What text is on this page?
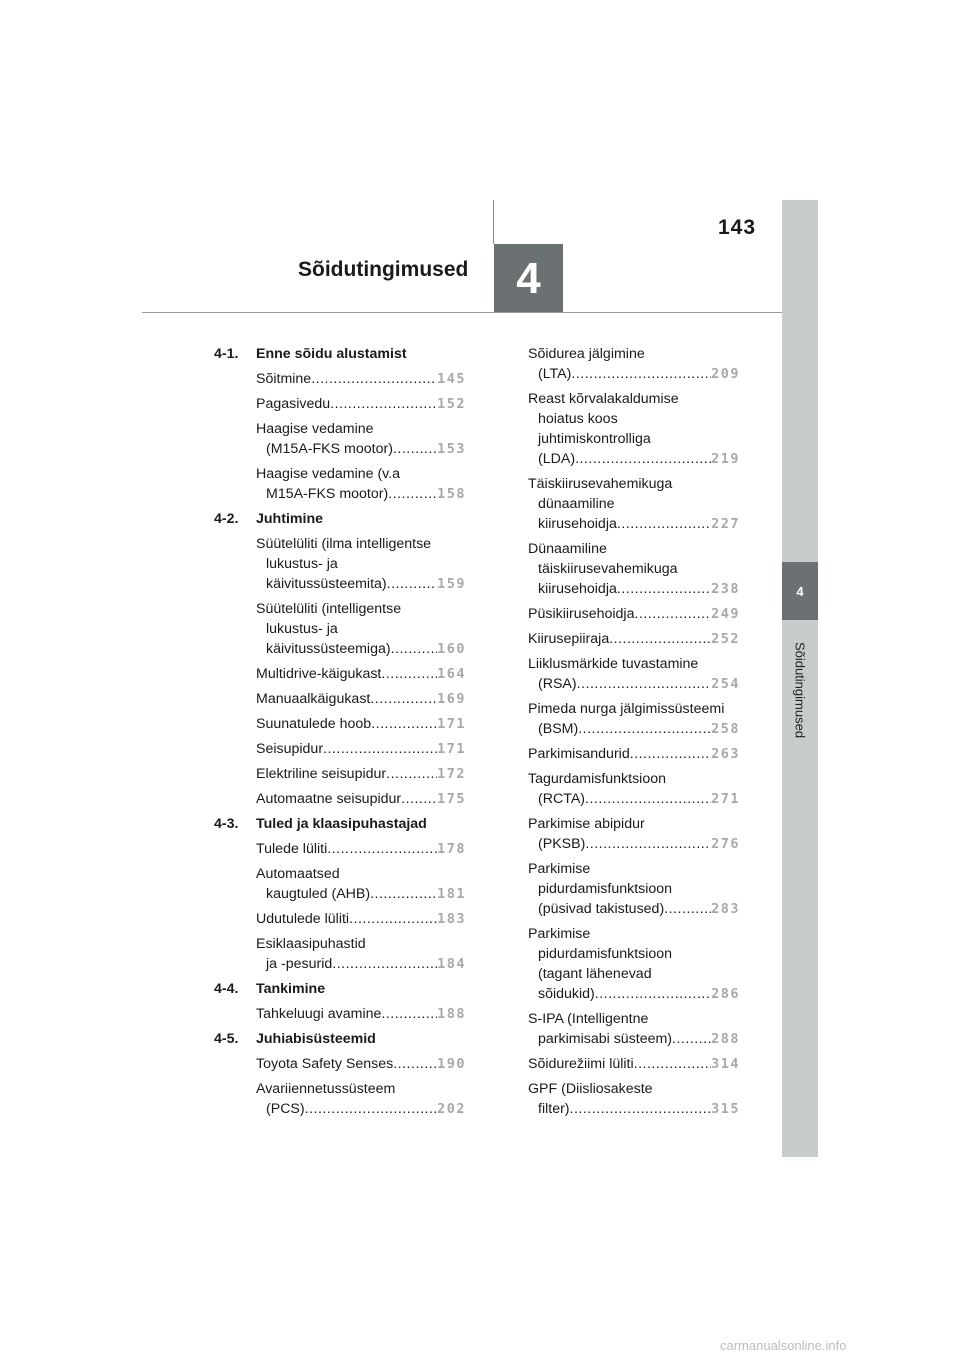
143
Sõidutingimused	4
4
Sõidutingimused
4-1.	Enne sõidu alustamist
Sõitmine .....	145
Pagasivedu .....	152
Haagise vedamine
(M15A-FKS mootor) .....	153
Haagise vedamine (v.a
M15A-FKS mootor) .....	158
4-2.	Juhtimine
Süütelüliti (ilma intelligentse
lukustus- ja
käivitussüsteemita) .....	159
Süütelüliti (intelligentse
lukustus- ja
käivitussüsteemiga) .....	160
Multidrive-käigukast .....	164
Manuaalkäigukast .....	169
Suunatulede hoob .....	171
Seisupidur .....	171
Elektriline seisupidur .....	172
Automaatne seisupidur .....	175
4-3.	Tuled ja klaasipuhastajad
Tulede lüliti .....	178
Automaatsed
kaugtuled (AHB) .....	181
Udutulede lüliti .....	183
Esiklaasipuhastid
ja -pesurid .....	184
4-4.	Tankimine
Tahkeluugi avamine .....	188
4-5.	Juhiabisüsteemid
Toyota Safety Senses .....	190
Avariiennetussüsteem
(PCS) .....	202
Sõidurea jälgimine
(LTA) .....	209
Reast kõrvalakaldumise
hoiatus koos
juhtimiskontrolliga
(LDA) .....	219
Täiskiirusevahemikuga
dünaamiline
kiirusehoidja .....	227
Dünaamiline
täiskiirusevahemikuga
kiirusehoidja .....	238
Püsikiirusehoidja .....	249
Kiirusepiiraja .....	252
Liiklusmärkide tuvastamine
(RSA) .....	254
Pimeda nurga jälgimissüsteemi
(BSM) .....	258
Parkimisandurid .....	263
Tagurdamisfunktsioon
(RCTA) .....	271
Parkimise abipidur
(PKSB) .....	276
Parkimise
pidurdamisfunktsioon
(püsivad takistused) .....	283
Parkimise
pidurdamisfunktsioon
(tagant lähenevad
sõidukid) .....	286
S-IPA (Intelligentne
parkimisabi süsteem) .....	288
Sõidurežiimi lüliti .....	314
GPF (Diisliosakeste
filter) .....	315
carmanualsonline.info
